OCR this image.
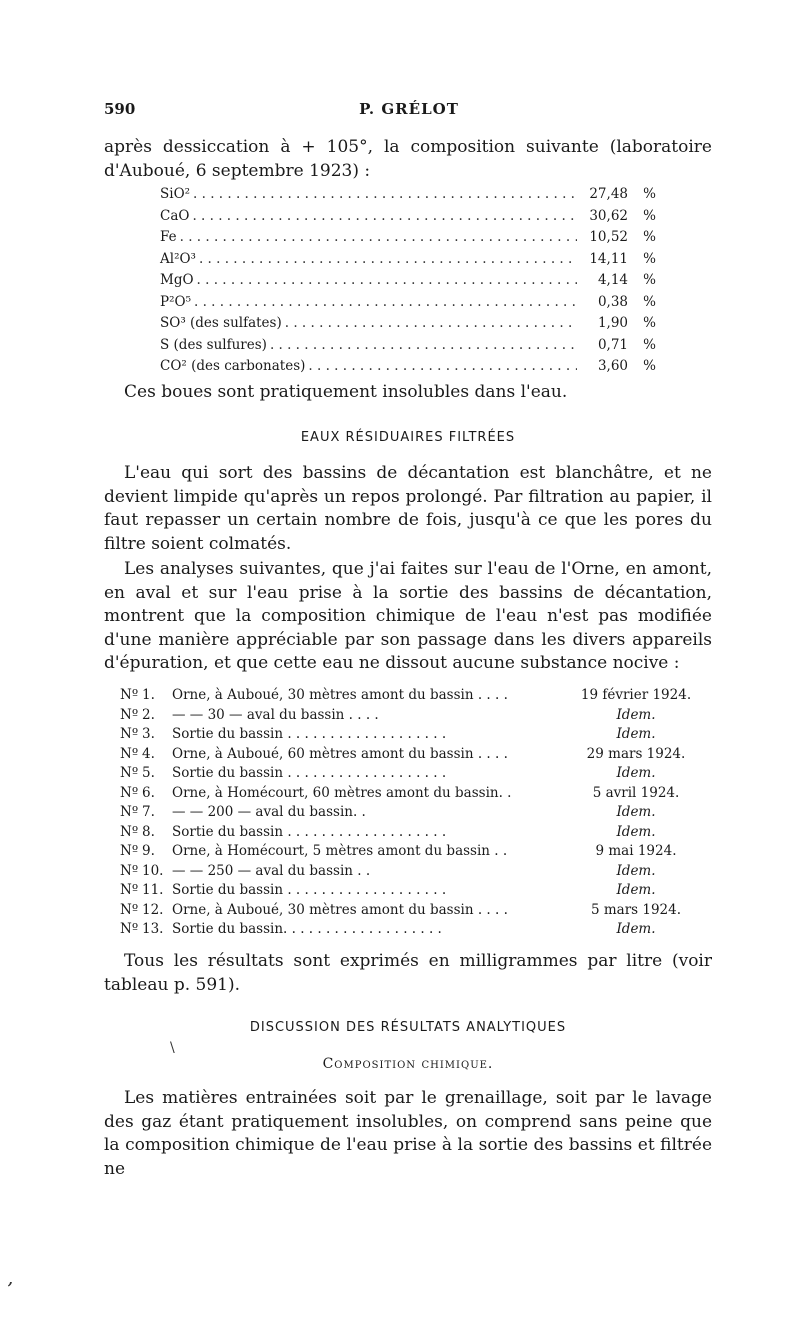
590	P. GRÉLOT

après dessiccation à + 105°, la composition suivante (laboratoire d'Auboué, 6 septembre 1923) :

SiO² . . .	27,48	%
CaO . . .	30,62	%
Fe . . .	10,52	%
Al²O³ . . .	14,11	%
MgO . . .	4,14	%
P²O⁵ . . .	0,38	%
SO³ (des sulfates) . . .	1,90	%
S (des sulfures) . . .	0,71	%
CO² (des carbonates) . . .	3,60	%

Ces boues sont pratiquement insolubles dans l'eau.

EAUX RÉSIDUAIRES FILTRÉES

L'eau qui sort des bassins de décantation est blanchâtre, et ne devient limpide qu'après un repos prolongé. Par filtration au papier, il faut repasser un certain nombre de fois, jusqu'à ce que les pores du filtre soient colmatés.

Les analyses suivantes, que j'ai faites sur l'eau de l'Orne, en amont, en aval et sur l'eau prise à la sortie des bassins de décantation, montrent que la composition chimique de l'eau n'est pas modifiée d'une manière appréciable par son passage dans les divers appareils d'épuration, et que cette eau ne dissout aucune substance nocive :

Nº 1.	Orne, à Auboué, 30 mètres amont du bassin . . . .	19 février 1924.
Nº 2.	— — 30 — aval du bassin . . . .	Idem.
Nº 3.	Sortie du bassin . . . . . . . . . . . . . . . . . . .	Idem.
Nº 4.	Orne, à Auboué, 60 mètres amont du bassin . . . .	29 mars 1924.
Nº 5.	Sortie du bassin . . . . . . . . . . . . . . . . . . .	Idem.
Nº 6.	Orne, à Homécourt, 60 mètres amont du bassin. .	5 avril 1924.
Nº 7.	— — 200 — aval du bassin. .	Idem.
Nº 8.	Sortie du bassin . . . . . . . . . . . . . . . . . . .	Idem.
Nº 9.	Orne, à Homécourt, 5 mètres amont du bassin . .	9 mai 1924.
Nº 10. — — 250 — aval du bassin . .	Idem.
Nº 11. Sortie du bassin . . . . . . . . . . . . . . . . . . .	Idem.
Nº 12. Orne, à Auboué, 30 mètres amont du bassin . . . .	5 mars 1924.
Nº 13. Sortie du bassin. . . . . . . . . . . . . . . . . . .	Idem.

Tous les résultats sont exprimés en milligrammes par litre (voir tableau p. 591).

DISCUSSION DES RÉSULTATS ANALYTIQUES
Composition chimique.

Les matières entrainées soit par le grenaillage, soit par le lavage des gaz étant pratiquement insolubles, on comprend sans peine que la composition chimique de l'eau prise à la sortie des bassins et filtrée ne

\
,
